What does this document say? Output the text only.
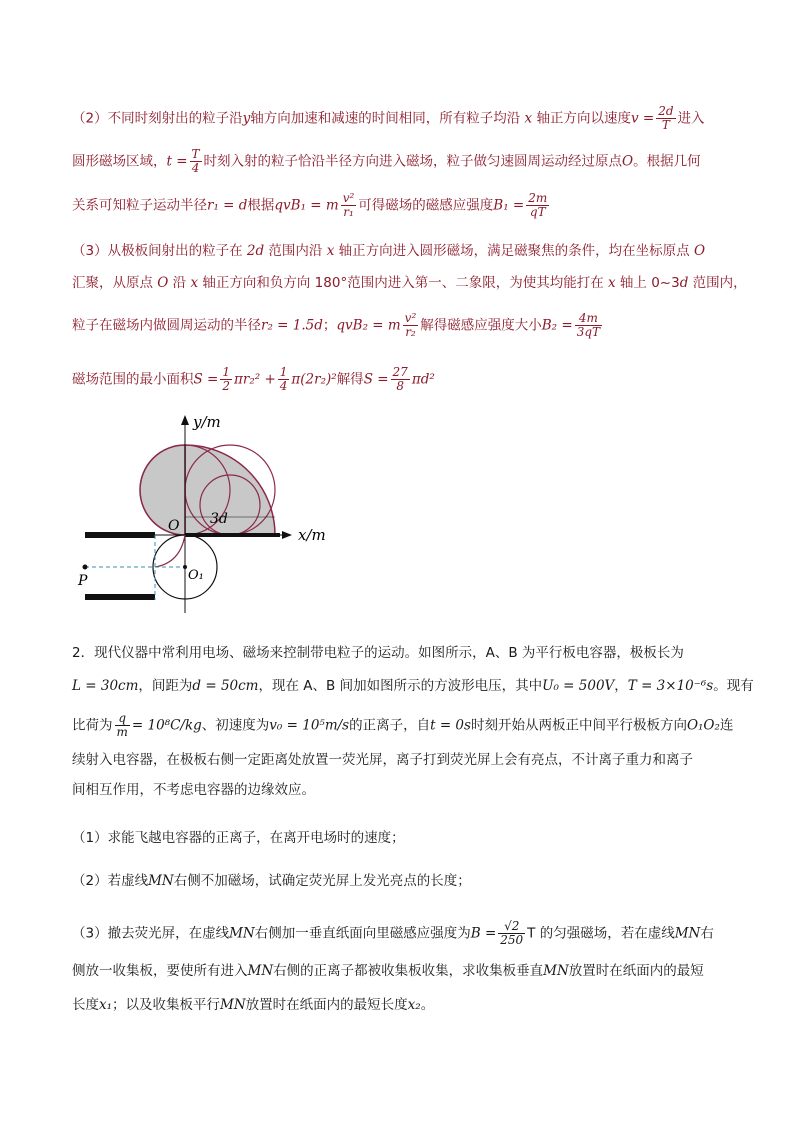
（2）不同时刻射出的粒子沿y轴方向加速和减速的时间相同，所有粒子均沿 x 轴正方向以速度$v = \frac{2d}{T}$ 进入
圆形磁场区域，$t = \frac{T}{4}$ 时刻入射的粒子恰沿半径方向进入磁场，粒子做匀速圆周运动经过原点O。根据几何
关系可知粒子运动半径r₁ = d根据qvB₁ = m $\frac{\text{v²}}{\text{r₁}}$ 可得磁场的磁感应强度$B_1 = \frac{2m}{qT}$
（3）从极板间射出的粒子在 2d 范围内沿 x 轴正方向进入圆形磁场，满足磁聚焦的条件，均在坐标原点 O
汇聚，从原点 O 沿 x 轴正方向和负方向 180°范围内进入第一、二象限，为使其均能打在 x 轴上 0~3d 范围内，
粒子在磁场内做圆周运动的半径r₂ = 1.5d；qvB₂ = m $\frac{\text{v²}}{\text{r₂}}$ 解得磁感应强度大小$B_2 = \frac{4m}{3qT}$
磁场范围的最小面积$S = \frac{1}{2} \pi r_2^2 + \frac{1}{4} \pi(2r_2)^2$解得$S = \frac{27}{8} \pi d^2$
y/m
x/m
O 3d
P	O₁
2．现代仪器中常利用电场、磁场来控制带电粒子的运动。如图所示，A、B 为平行板电容器，极板长为
L = 30cm，间距为d = 50cm，现在 A、B 间加如图所示的方波形电压，其中U₀ = 500V，T = 3×10⁻⁶s。现有
比荷为 $\frac{q}{m} = 10^8C/kg$、初速度为v₀ = 10⁵m/s的正离子，自t = 0s时刻开始从两板正中间平行极板方向O₁O₂连
续射入电容器，在极板右侧一定距离处放置一荧光屏，离子打到荧光屏上会有亮点，不计离子重力和离子
间相互作用，不考虑电容器的边缘效应。
（1）求能飞越电容器的正离子，在离开电场时的速度；
（2）若虚线MN右侧不加磁场，试确定荧光屏上发光亮点的长度；
（3）撤去荧光屏，在虚线MN右侧加一垂直纸面向里磁感应强度为$B = \frac{√2}{250}$ T 的匀强磁场，若在虚线MN右
侧放一收集板，要使所有进入MN右侧的正离子都被收集板收集，求收集板垂直MN放置时在纸面内的最短
长度x₁；以及收集板平行MN放置时在纸面内的最短长度x₂。
